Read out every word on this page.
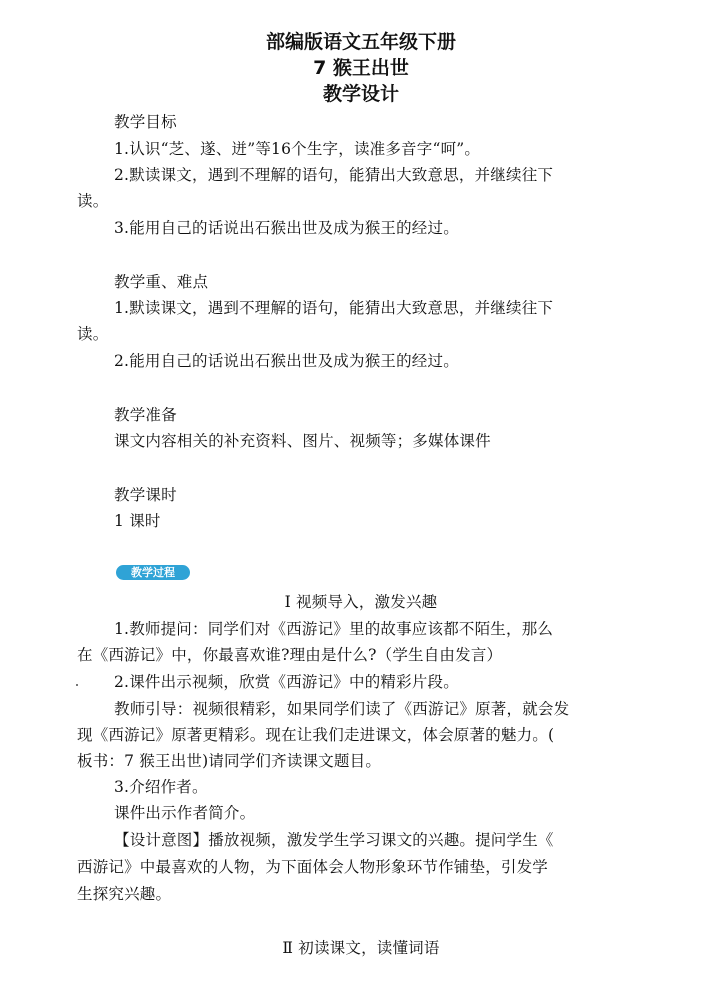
部编版语文五年级下册
7 猴王出世
教学设计
教学目标
1.认识“芝、遂、迸”等16个生字，读准多音字“呵”。
2.默读课文，遇到不理解的语句，能猜出大致意思，并继续往下
读。
3.能用自己的话说出石猴出世及成为猴王的经过。
教学重、难点
1.默读课文，遇到不理解的语句，能猜出大致意思，并继续往下
读。
2.能用自己的话说出石猴出世及成为猴王的经过。
教学准备
课文内容相关的补充资料、图片、视频等；多媒体课件
教学课时
1 课时
教学过程
Ⅰ 视频导入，激发兴趣
1.教师提问：同学们对《西游记》里的故事应该都不陌生，那么
在《西游记》中，你最喜欢谁?理由是什么?（学生自由发言）
2.课件出示视频，欣赏《西游记》中的精彩片段。
教师引导：视频很精彩，如果同学们读了《西游记》原著，就会发
现《西游记》原著更精彩。现在让我们走进课文，体会原著的魅力。(
板书：7 猴王出世)请同学们齐读课文题目。
3.介绍作者。
课件出示作者简介。
【设计意图】播放视频，激发学生学习课文的兴趣。提问学生《
西游记》中最喜欢的人物，为下面体会人物形象环节作铺垫，引发学
生探究兴趣。
Ⅱ 初读课文，读懂词语
